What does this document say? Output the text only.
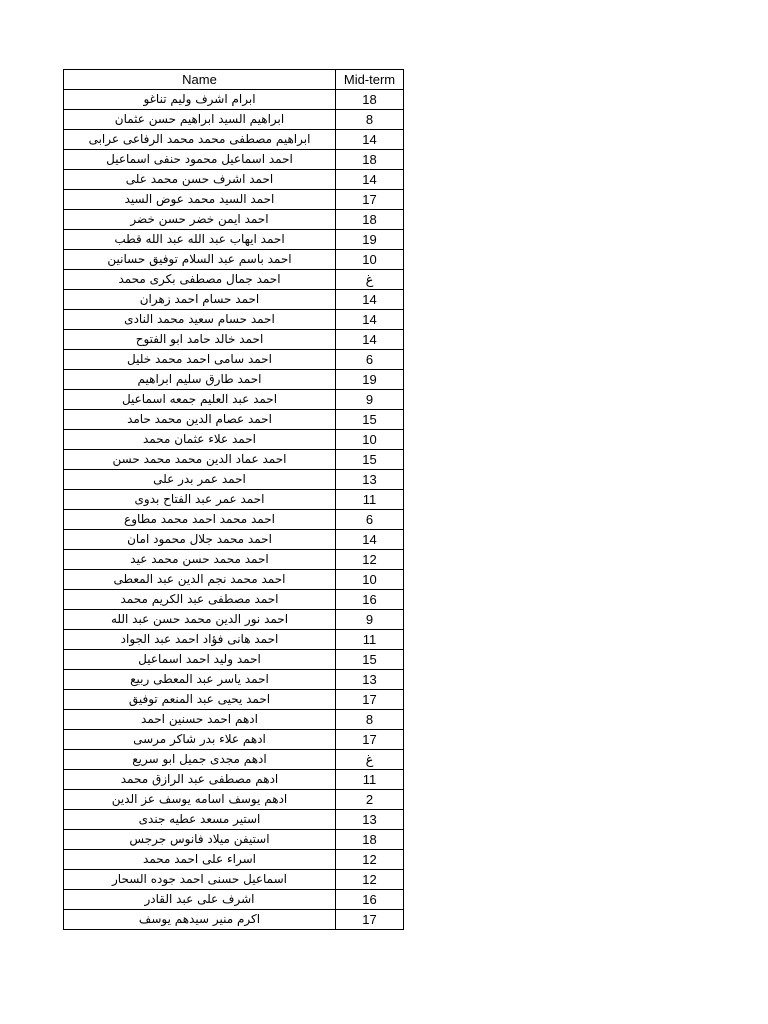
Name	Mid-term
ابرام اشرف وليم تناغو	18
ابراهيم السيد ابراهيم حسن عثمان	8
ابراهيم مصطفى محمد محمد الرفاعى عرابى	14
احمد اسماعيل محمود حنفى اسماعيل	18
احمد اشرف حسن محمد على	14
احمد السيد محمد عوض السيد	17
احمد ايمن خضر حسن خضر	18
احمد ايهاب عبد الله عبد الله قطب	19
احمد باسم عبد السلام توفيق حسانين	10
احمد جمال مصطفى بكرى محمد	غ
احمد حسام احمد زهران	14
احمد حسام سعيد محمد النادى	14
احمد خالد حامد ابو الفتوح	14
احمد سامى احمد محمد خليل	6
احمد طارق سليم ابراهيم	19
احمد عبد العليم جمعه اسماعيل	9
احمد عصام الدين محمد حامد	15
احمد علاء عثمان محمد	10
احمد عماد الدين محمد محمد حسن	15
احمد عمر بدر على	13
احمد عمر عبد الفتاح بدوى	11
احمد محمد احمد محمد مطاوع	6
احمد محمد جلال محمود امان	14
احمد محمد حسن محمد عيد	12
احمد محمد نجم الدين عبد المعطى	10
احمد مصطفى عبد الكريم محمد	16
احمد نور الدين محمد حسن عبد الله	9
احمد هانى فؤاد احمد عبد الجواد	11
احمد وليد احمد اسماعيل	15
احمد ياسر عبد المعطى ربيع	13
احمد يحيى عبد المنعم توفيق	17
ادهم احمد حسنين احمد	8
ادهم علاء بدر شاكر مرسى	17
ادهم مجدى جميل ابو سريع	غ
ادهم مصطفى عبد الرازق محمد	11
ادهم يوسف اسامه يوسف عز الدين	2
استير مسعد عطيه جندى	13
استيفن ميلاد فانوس جرجس	18
اسراء على احمد محمد	12
اسماعيل حسنى احمد جوده السحار	12
اشرف على عبد القادر	16
اكرم منير سيدهم يوسف	17
